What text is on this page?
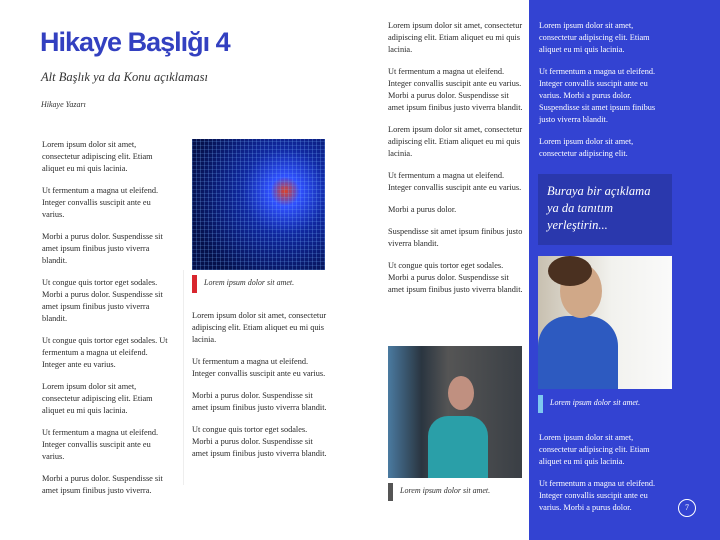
Hikaye Başlığı 4
Alt Başlık ya da Konu açıklaması
Hikaye Yazarı

Lorem ipsum dolor sit amet, consectetur adipiscing elit. Etiam aliquet eu mi quis lacinia.

Ut fermentum a magna ut eleifend. Integer convallis suscipit ante eu varius.

Morbi a purus dolor. Suspendisse sit amet ipsum finibus justo viverra blandit.

Ut congue quis tortor eget sodales. Morbi a purus dolor. Suspendisse sit amet ipsum finibus justo viverra blandit.

Ut congue quis tortor eget sodales. Ut fermentum a magna ut eleifend. Integer ante eu varius.

Lorem ipsum dolor sit amet, consectetur adipiscing elit. Etiam aliquet eu mi quis lacinia.

Ut fermentum a magna ut eleifend. Integer convallis suscipit ante eu varius.

Morbi a purus dolor. Suspendisse sit amet ipsum finibus justo viverra.

Lorem ipsum dolor sit amet.

Lorem ipsum dolor sit amet, consectetur adipiscing elit. Etiam aliquet eu mi quis lacinia.

Ut fermentum a magna ut eleifend. Integer convallis suscipit ante eu varius.

Morbi a purus dolor. Suspendisse sit amet ipsum finibus justo viverra blandit.

Ut congue quis tortor eget sodales. Morbi a purus dolor. Suspendisse sit amet ipsum finibus justo viverra blandit.

Lorem ipsum dolor sit amet, consectetur adipiscing elit. Etiam aliquet eu mi quis lacinia.

Ut fermentum a magna ut eleifend. Integer convallis suscipit ante eu varius. Morbi a purus dolor. Suspendisse sit amet ipsum finibus justo viverra blandit.

Lorem ipsum dolor sit amet, consectetur adipiscing elit. Etiam aliquet eu mi quis lacinia.

Ut fermentum a magna ut eleifend. Integer convallis suscipit ante eu varius.

Morbi a purus dolor.

Suspendisse sit amet ipsum finibus justo viverra blandit.

Ut congue quis tortor eget sodales. Morbi a purus dolor. Suspendisse sit amet ipsum finibus justo viverra blandit.

Lorem ipsum dolor sit amet.

Lorem ipsum dolor sit amet, consectetur adipiscing elit. Etiam aliquet eu mi quis lacinia.

Ut fermentum a magna ut eleifend. Integer convallis suscipit ante eu varius. Morbi a purus dolor. Suspendisse sit amet ipsum finibus justo viverra blandit.

Lorem ipsum dolor sit amet, consectetur adipiscing elit.

Buraya bir açıklama ya da tanıtım yerleştirin...
Lorem ipsum dolor sit amet.

Lorem ipsum dolor sit amet, consectetur adipiscing elit. Etiam aliquet eu mi quis lacinia.

Ut fermentum a magna ut eleifend. Integer convallis suscipit ante eu varius. Morbi a purus dolor.	7
